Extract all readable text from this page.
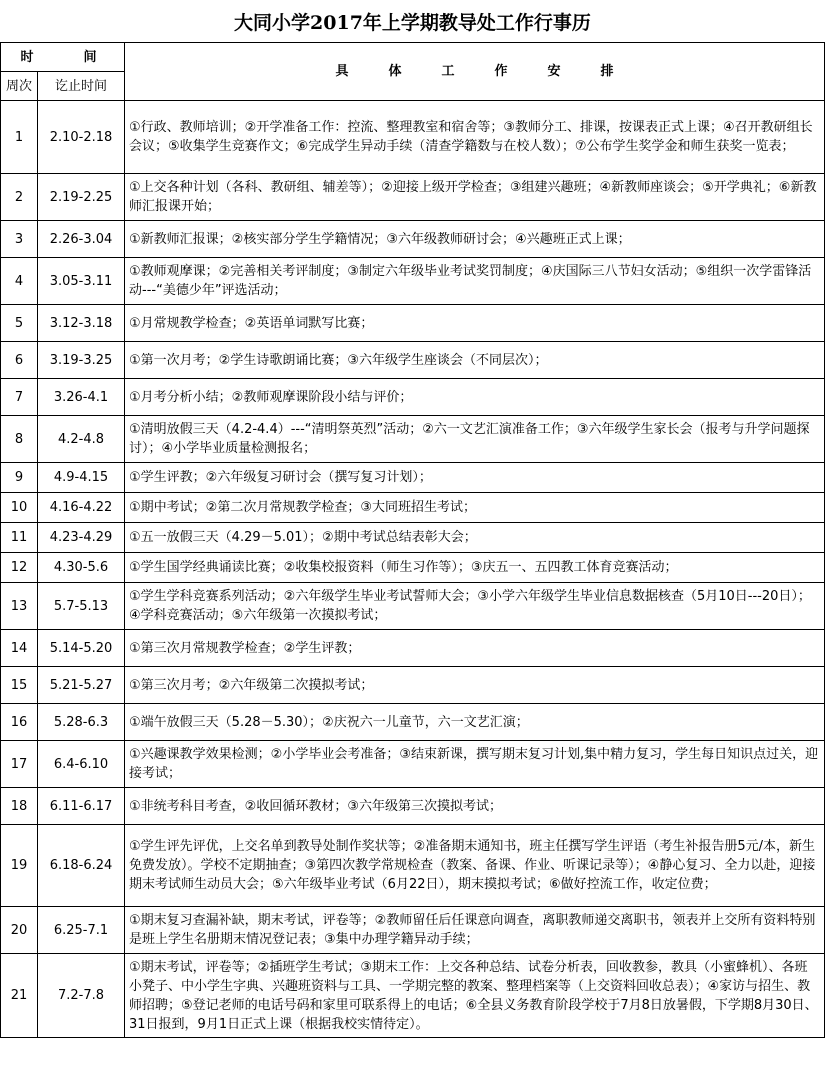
大同小学2017年上学期教导处工作行事历
时　　间		具体工作安排
周次	讫止时间	
1	2.10-2.18	①行政、教师培训；②开学准备工作：控流、整理教室和宿舍等；③教师分工、排课，按课表正式上课；④召开教研组长会议；⑤收集学生竞赛作文；⑥完成学生异动手续（清查学籍数与在校人数）；⑦公布学生奖学金和师生获奖一览表；
2	2.19-2.25	①上交各种计划（各科、教研组、辅差等）；②迎接上级开学检查；③组建兴趣班；④新教师座谈会；⑤开学典礼；⑥新教师汇报课开始；
3	2.26-3.04	①新教师汇报课；②核实部分学生学籍情况；③六年级教师研讨会；④兴趣班正式上课；
4	3.05-3.11	①教师观摩课；②完善相关考评制度；③制定六年级毕业考试奖罚制度；④庆国际三八节妇女活动；⑤组织一次学雷锋活动---“美德少年”评选活动；
5	3.12-3.18	①月常规教学检查；②英语单词默写比赛；
6	3.19-3.25	①第一次月考；②学生诗歌朗诵比赛；③六年级学生座谈会（不同层次）；
7	3.26-4.1	①月考分析小结；②教师观摩课阶段小结与评价；
8	4.2-4.8	①清明放假三天（4.2-4.4）---“清明祭英烈”活动；②六一文艺汇演准备工作；③六年级学生家长会（报考与升学问题探讨）；④小学毕业质量检测报名；
9	4.9-4.15	①学生评教；②六年级复习研讨会（撰写复习计划）；
10	4.16-4.22	①期中考试；②第二次月常规教学检查；③大同班招生考试；
11	4.23-4.29	①五一放假三天（4.29－5.01）；②期中考试总结表彰大会；
12	4.30-5.6	①学生国学经典诵读比赛；②收集校报资料（师生习作等）；③庆五一、五四教工体育竞赛活动；
13	5.7-5.13	①学生学科竞赛系列活动；②六年级学生毕业考试誓师大会；③小学六年级学生毕业信息数据核查（5月10日---20日）；④学科竞赛活动；⑤六年级第一次摸拟考试；
14	5.14-5.20	①第三次月常规教学检查；②学生评教；
15	5.21-5.27	①第三次月考；②六年级第二次摸拟考试；
16	5.28-6.3	①端午放假三天（5.28－5.30）；②庆祝六一儿童节，六一文艺汇演；
17	6.4-6.10	①兴趣课教学效果检测；②小学毕业会考准备；③结束新课，撰写期末复习计划,集中精力复习，学生每日知识点过关，迎接考试；
18	6.11-6.17	①非统考科目考查，②收回循环教材；③六年级第三次摸拟考试；
19	6.18-6.24	①学生评先评优，上交名单到教导处制作奖状等；②准备期末通知书，班主任撰写学生评语（考生补报告册5元/本，新生免费发放）。学校不定期抽查；③第四次教学常规检查（教案、备课、作业、听课记录等）；④静心复习、全力以赴，迎接期末考试师生动员大会；⑤六年级毕业考试（6月22日），期末摸拟考试；⑥做好控流工作，收定位费；
20	6.25-7.1	①期末复习查漏补缺，期末考试，评卷等；②教师留任后任课意向调查，离职教师递交离职书，领表并上交所有资料特别是班上学生名册期末情况登记表；③集中办理学籍异动手续；
21	7.2-7.8	①期末考试，评卷等；②插班学生考试；③期末工作：上交各种总结、试卷分析表，回收教参，教具（小蜜蜂机）、各班小凳子、中小学生字典、兴趣班资料与工具、一学期完整的教案、整理档案等（上交资料回收总表）；④家访与招生、教师招聘；⑤登记老师的电话号码和家里可联系得上的电话；⑥全县义务教育阶段学校于7月8日放暑假，下学期8月30日、31日报到，9月1日正式上课（根据我校实情待定）。
